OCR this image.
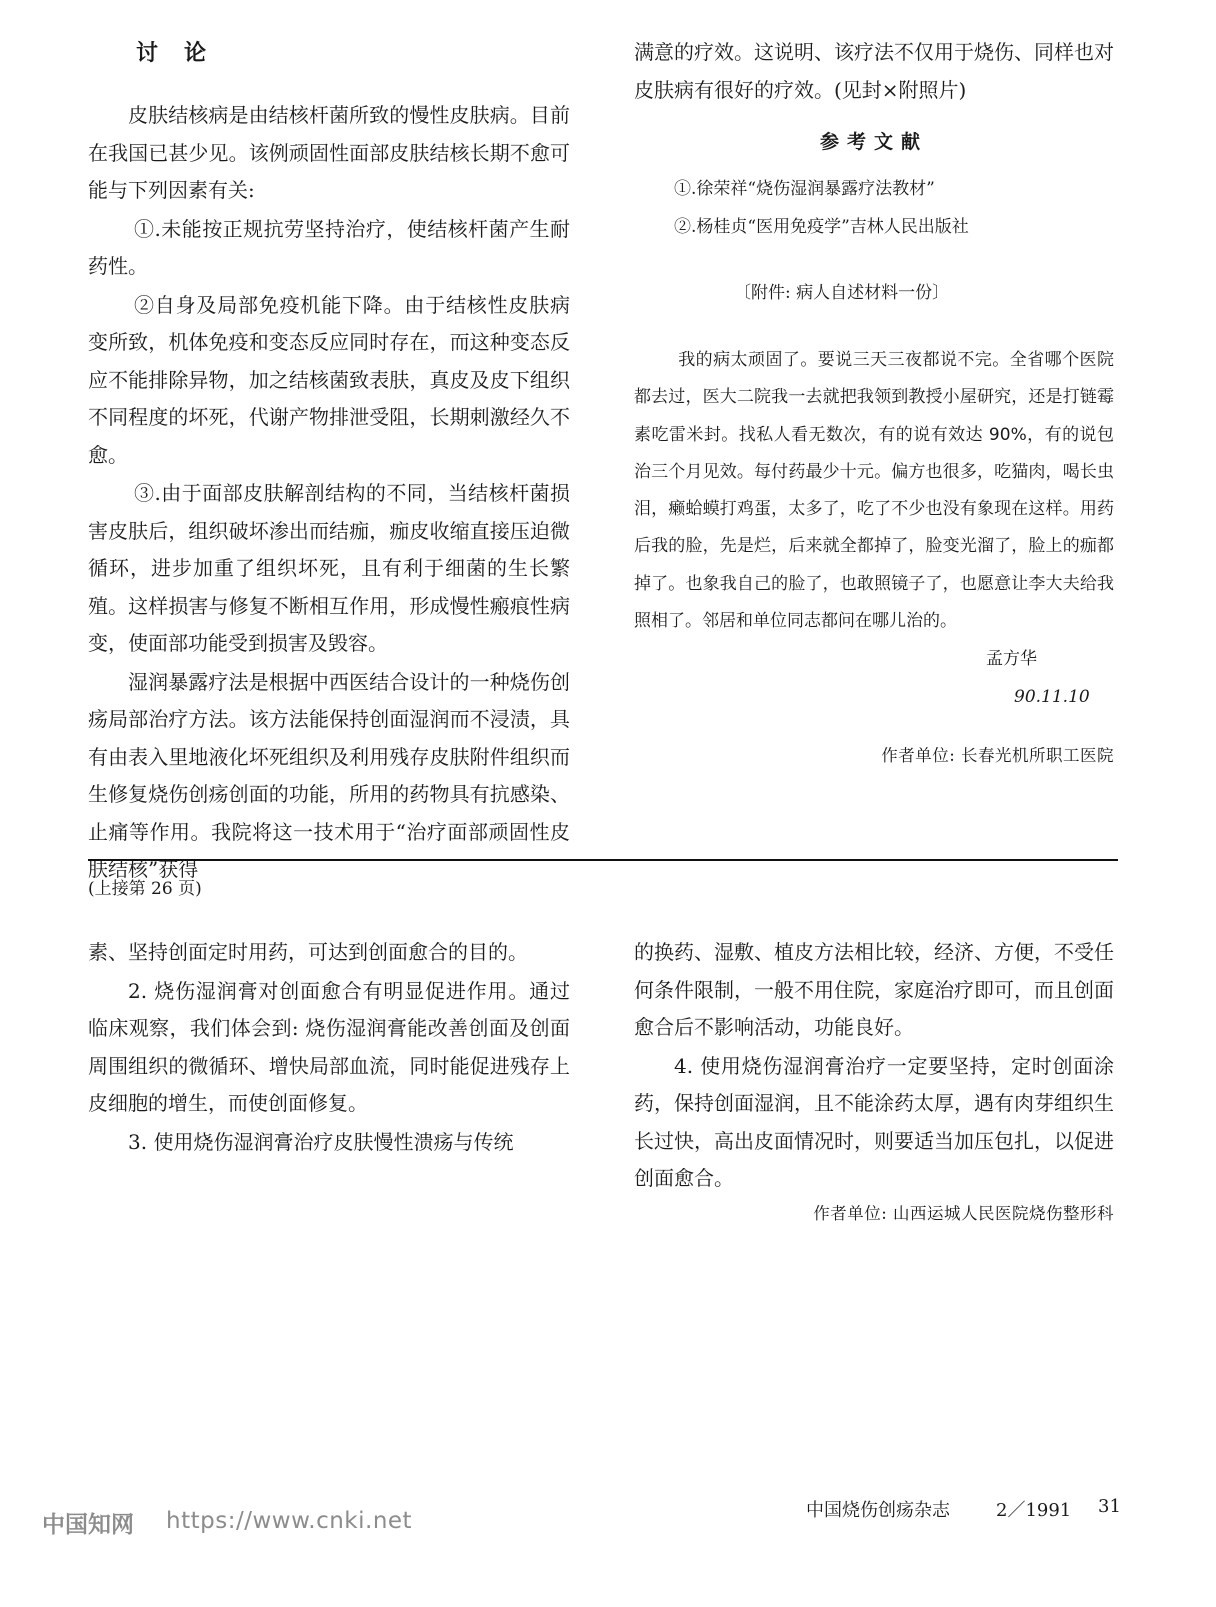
讨　论

皮肤结核病是由结核杆菌所致的慢性皮肤病。目前在我国已甚少见。该例顽固性面部皮肤结核长期不愈可能与下列因素有关:

①.未能按正规抗劳坚持治疗，使结核杆菌产生耐药性。

②自身及局部免疫机能下降。由于结核性皮肤病变所致，机体免疫和变态反应同时存在，而这种变态反应不能排除异物，加之结核菌致表肤，真皮及皮下组织不同程度的坏死，代谢产物排泄受阻，长期刺激经久不愈。

③.由于面部皮肤解剖结构的不同，当结核杆菌损害皮肤后，组织破坏渗出而结痂，痂皮收缩直接压迫微循环，进步加重了组织坏死，且有利于细菌的生长繁殖。这样损害与修复不断相互作用，形成慢性瘢痕性病变，使面部功能受到损害及毁容。

湿润暴露疗法是根据中西医结合设计的一种烧伤创疡局部治疗方法。该方法能保持创面湿润而不浸渍，具有由表入里地液化坏死组织及利用残存皮肤附件组织而生修复烧伤创疡创面的功能，所用的药物具有抗感染、止痛等作用。我院将这一技术用于“治疗面部顽固性皮肤结核”获得

满意的疗效。这说明、该疗法不仅用于烧伤、同样也对皮肤病有很好的疗效。(见封×附照片)

参考文献

①.徐荣祥“烧伤湿润暴露疗法教材”

②.杨桂贞“医用免疫学”吉林人民出版社

〔附件: 病人自述材料一份〕

我的病太顽固了。要说三天三夜都说不完。全省哪个医院都去过，医大二院我一去就把我领到教授小屋研究，还是打链霉素吃雷米封。找私人看无数次，有的说有效达 90%，有的说包治三个月见效。每付药最少十元。偏方也很多，吃猫肉，喝长虫泪，癞蛤蟆打鸡蛋，太多了，吃了不少也没有象现在这样。用药后我的脸，先是烂，后来就全都掉了，脸变光溜了，脸上的痂都掉了。也象我自己的脸了，也敢照镜子了，也愿意让李大夫给我照相了。邻居和单位同志都问在哪儿治的。

孟方华

90.11.10

作者单位: 长春光机所职工医院

(上接第 26 页)

素、坚持创面定时用药，可达到创面愈合的目的。

2. 烧伤湿润膏对创面愈合有明显促进作用。通过临床观察，我们体会到: 烧伤湿润膏能改善创面及创面周围组织的微循环、增快局部血流，同时能促进残存上皮细胞的增生，而使创面修复。

3. 使用烧伤湿润膏治疗皮肤慢性溃疡与传统

的换药、湿敷、植皮方法相比较，经济、方便，不受任何条件限制，一般不用住院，家庭治疗即可，而且创面愈合后不影响活动，功能良好。

4. 使用烧伤湿润膏治疗一定要坚持，定时创面涂药，保持创面湿润，且不能涂药太厚，遇有肉芽组织生长过快，高出皮面情况时，则要适当加压包扎，以促进创面愈合。

作者单位: 山西运城人民医院烧伤整形科

中国知网 https://www.cnki.net	中国烧伤创疡杂志	2／1991 31
